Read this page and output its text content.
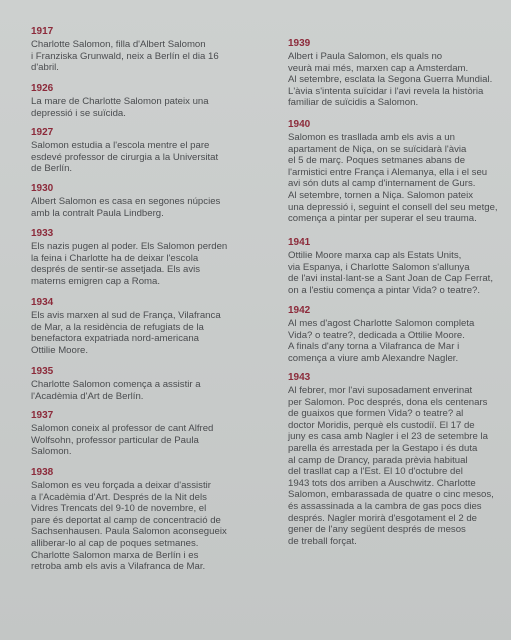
1917

Charlotte Salomon, filla d'Albert Salomon
i Franziska Grunwald, neix a Berlín el dia 16
d'abril.

1926

La mare de Charlotte Salomon pateix una
depressió i se suïcida.

1927

Salomon estudia a l'escola mentre el pare
esdevé professor de cirurgia a la Universitat
de Berlín.

1930

Albert Salomon es casa en segones núpcies
amb la contralt Paula Lindberg.

1933

Els nazis pugen al poder. Els Salomon perden
la feina i Charlotte ha de deixar l'escola
després de sentir-se assetjada. Els avis
materns emigren cap a Roma.

1934

Els avis marxen al sud de França, Vilafranca
de Mar, a la residència de refugiats de la
benefactora expatriada nord-americana
Ottilie Moore.

1935

Charlotte Salomon comença a assistir a
l'Acadèmia d'Art de Berlín.

1937

Salomon coneix al professor de cant Alfred
Wolfsohn, professor particular de Paula
Salomon.

1938

Salomon es veu forçada a deixar d'assistir
a l'Acadèmia d'Art. Després de la Nit dels
Vidres Trencats del 9-10 de novembre, el
pare és deportat al camp de concentració de
Sachsenhausen. Paula Salomon aconsegueix
alliberar-lo al cap de poques setmanes.
Charlotte Salomon marxa de Berlín i es
retroba amb els avis a Vilafranca de Mar.

1939

Albert i Paula Salomon, els quals no
veurà mai més, marxen cap a Amsterdam.
Al setembre, esclata la Segona Guerra Mundial.
L'àvia s'intenta suïcidar i l'avi revela la història
familiar de suïcidis a Salomon.

1940

Salomon es trasllada amb els avis a un
apartament de Niça, on se suïcidarà l'àvia
el 5 de març. Poques setmanes abans de
l'armistici entre França i Alemanya, ella i el seu
avi són duts al camp d'internament de Gurs.
Al setembre, tornen a Niça. Salomon pateix
una depressió i, seguint el consell del seu metge,
comença a pintar per superar el seu trauma.

1941

Ottilie Moore marxa cap als Estats Units,
via Espanya, i Charlotte Salomon s'allunya
de l'avi instal·lant-se a Sant Joan de Cap Ferrat,
on a l'estiu comença a pintar Vida? o teatre?.

1942

Al mes d'agost Charlotte Salomon completa
Vida? o teatre?, dedicada a Ottilie Moore.
A finals d'any torna a Vilafranca de Mar i
comença a viure amb Alexandre Nagler.

1943

Al febrer, mor l'avi suposadament enverinat
per Salomon. Poc després, dona els centenars
de guaixos que formen Vida? o teatre? al
doctor Moridis, perquè els custodiï. El 17 de
juny es casa amb Nagler i el 23 de setembre la
parella és arrestada per la Gestapo i és duta
al camp de Drancy, parada prèvia habitual
del trasllat cap a l'Est. El 10 d'octubre del
1943 tots dos arriben a Auschwitz. Charlotte
Salomon, embarassada de quatre o cinc mesos,
és assassinada a la cambra de gas pocs dies
després. Nagler morirà d'esgotament el 2 de
gener de l'any següent després de mesos
de treball forçat.
